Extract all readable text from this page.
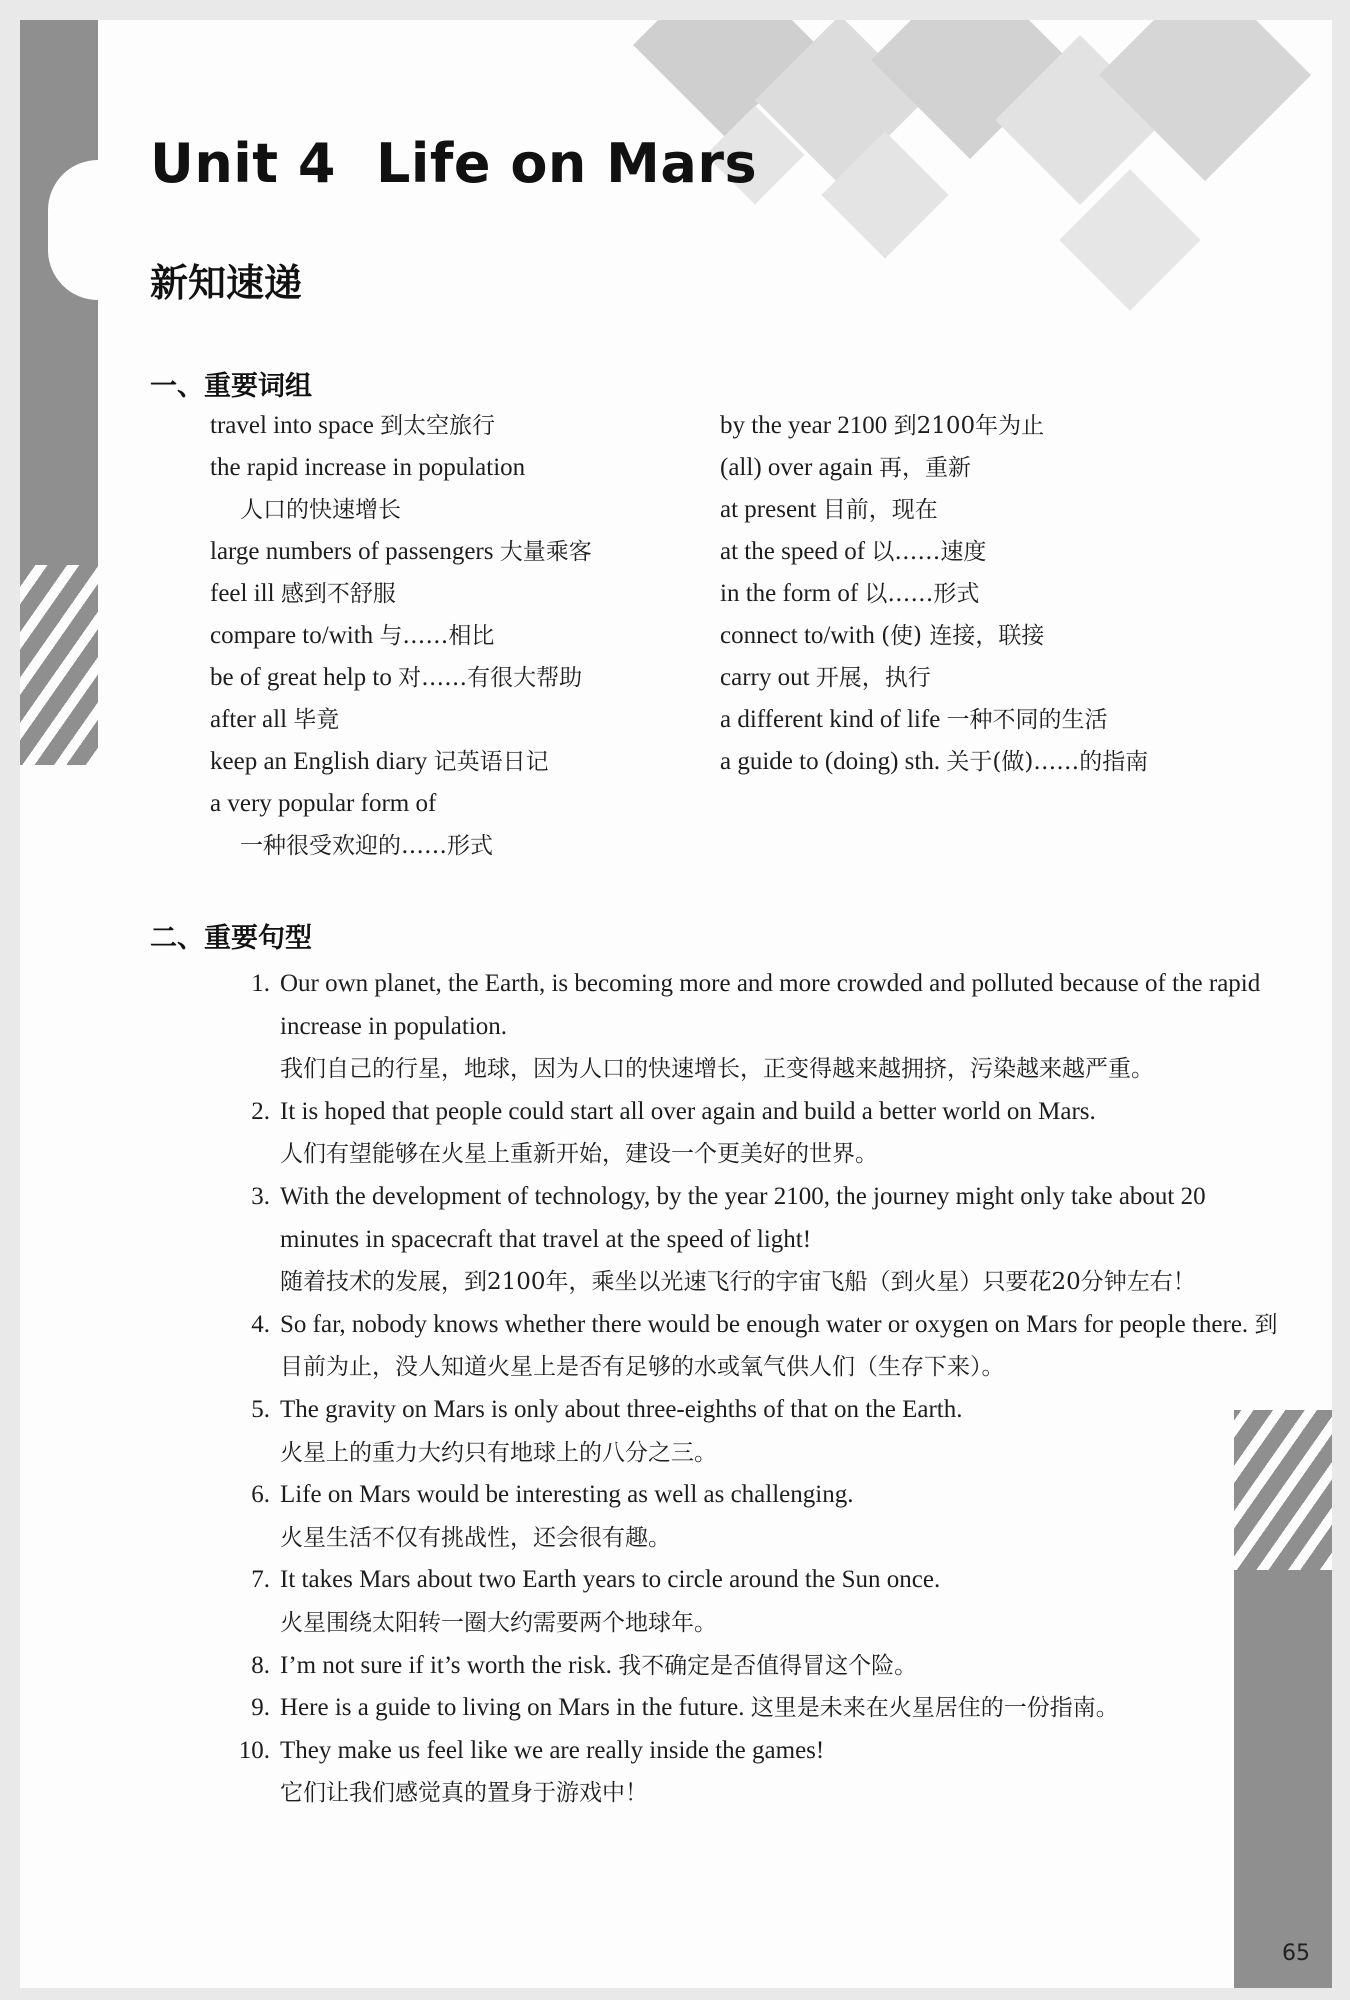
Unit 4 Life on Mars
新知速递
一、重要词组
travel into space 到太空旅行
the rapid increase in population
人口的快速增长
large numbers of passengers 大量乘客
feel ill 感到不舒服
compare to/with 与……相比
be of great help to 对……有很大帮助
after all 毕竟
keep an English diary 记英语日记
a very popular form of
一种很受欢迎的……形式
by the year 2100 到2100年为止
(all) over again 再，重新
at present 目前，现在
at the speed of 以……速度
in the form of 以……形式
connect to/with (使) 连接，联接
carry out 开展，执行
a different kind of life 一种不同的生活
a guide to (doing) sth. 关于(做)……的指南
二、重要句型
1. Our own planet, the Earth, is becoming more and more crowded and polluted because of the rapid increase in population.
我们自己的行星，地球，因为人口的快速增长，正变得越来越拥挤，污染越来越严重。
2. It is hoped that people could start all over again and build a better world on Mars.
人们有望能够在火星上重新开始，建设一个更美好的世界。
3. With the development of technology, by the year 2100, the journey might only take about 20 minutes in spacecraft that travel at the speed of light!
随着技术的发展，到2100年，乘坐以光速飞行的宇宙飞船（到火星）只要花20分钟左右！
4. So far, nobody knows whether there would be enough water or oxygen on Mars for people there. 到目前为止，没人知道火星上是否有足够的水或氧气供人们（生存下来）。
5. The gravity on Mars is only about three-eighths of that on the Earth.
火星上的重力大约只有地球上的八分之三。
6. Life on Mars would be interesting as well as challenging.
火星生活不仅有挑战性，还会很有趣。
7. It takes Mars about two Earth years to circle around the Sun once.
火星围绕太阳转一圈大约需要两个地球年。
8. I’m not sure if it’s worth the risk. 我不确定是否值得冒这个险。
9. Here is a guide to living on Mars in the future. 这里是未来在火星居住的一份指南。
10. They make us feel like we are really inside the games!
它们让我们感觉真的置身于游戏中！
65
